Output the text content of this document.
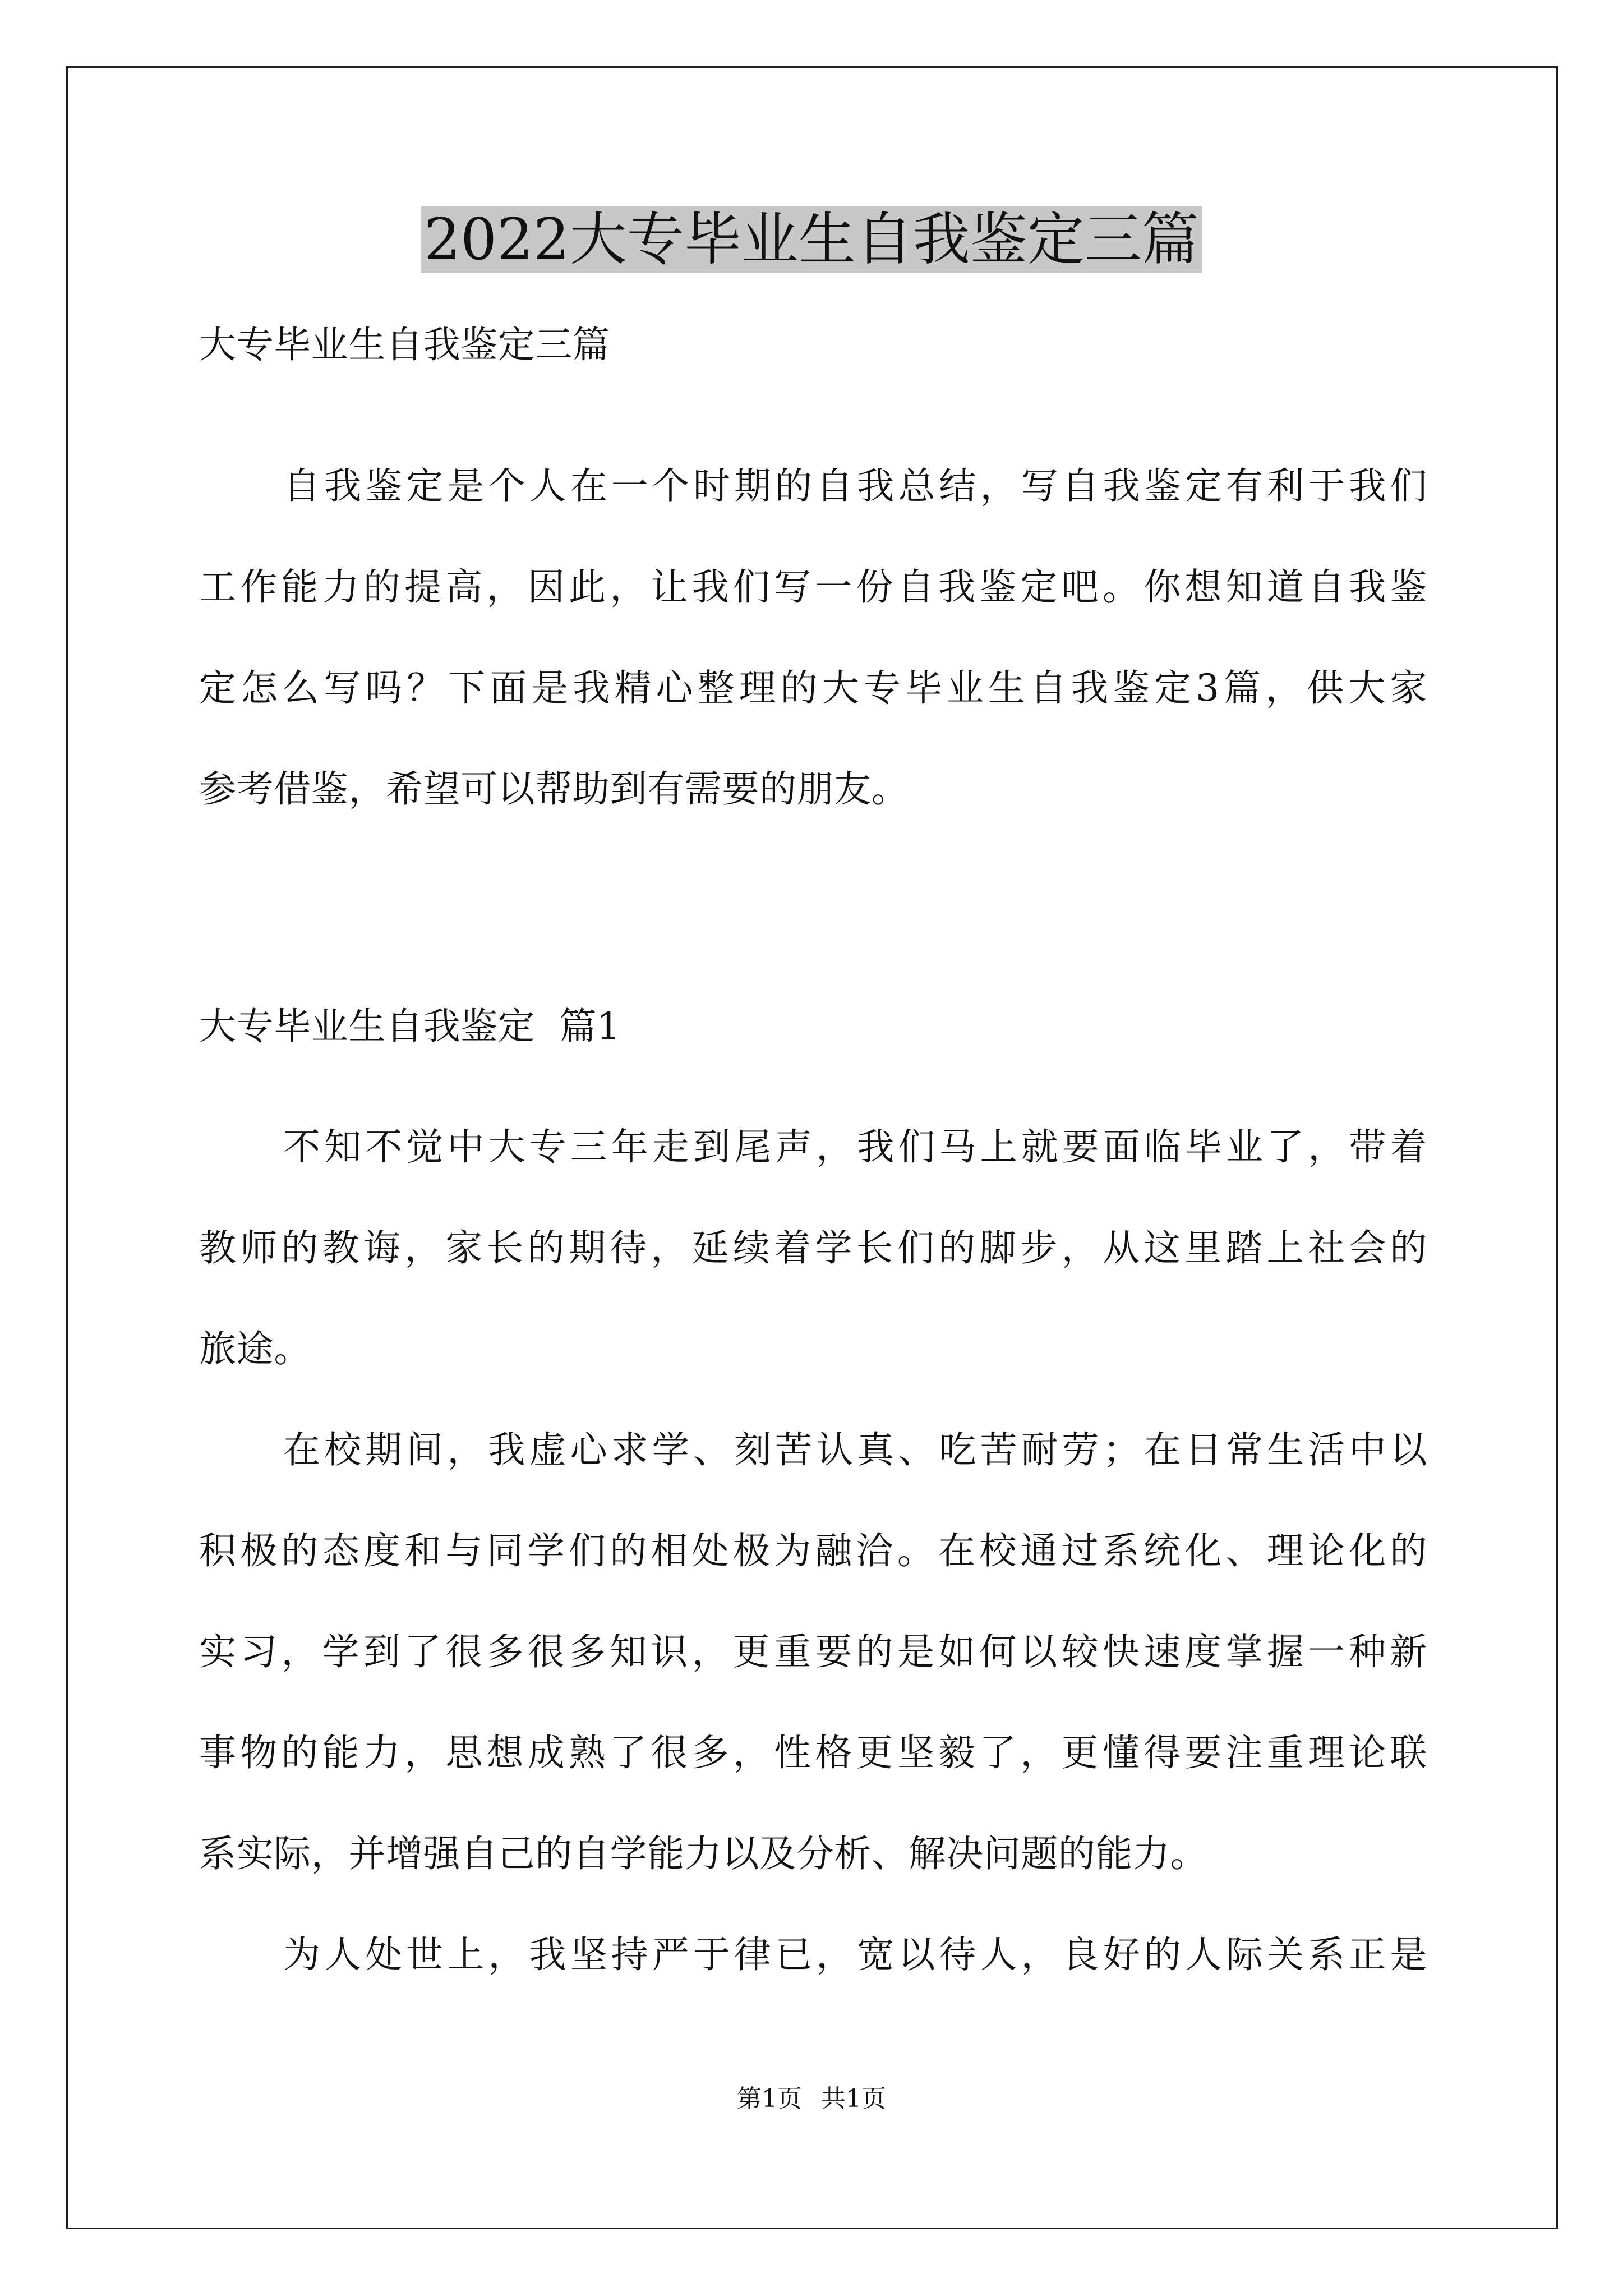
2022大专毕业生自我鉴定三篇

大专毕业生自我鉴定三篇

自我鉴定是个人在一个时期的自我总结，写自我鉴定有利于我们

工作能力的提高，因此，让我们写一份自我鉴定吧。你想知道自我鉴

定怎么写吗？下面是我精心整理的大专毕业生自我鉴定3篇，供大家

参考借鉴，希望可以帮助到有需要的朋友。

大专毕业生自我鉴定  篇1

不知不觉中大专三年走到尾声，我们马上就要面临毕业了，带着

教师的教诲，家长的期待，延续着学长们的脚步，从这里踏上社会的

旅途。

在校期间，我虚心求学、刻苦认真、吃苦耐劳；在日常生活中以

积极的态度和与同学们的相处极为融洽。在校通过系统化、理论化的

实习，学到了很多很多知识，更重要的是如何以较快速度掌握一种新

事物的能力，思想成熟了很多，性格更坚毅了，更懂得要注重理论联

系实际，并增强自己的自学能力以及分析、解决问题的能力。

为人处世上，我坚持严于律已，宽以待人，良好的人际关系正是

第1页 共1页
